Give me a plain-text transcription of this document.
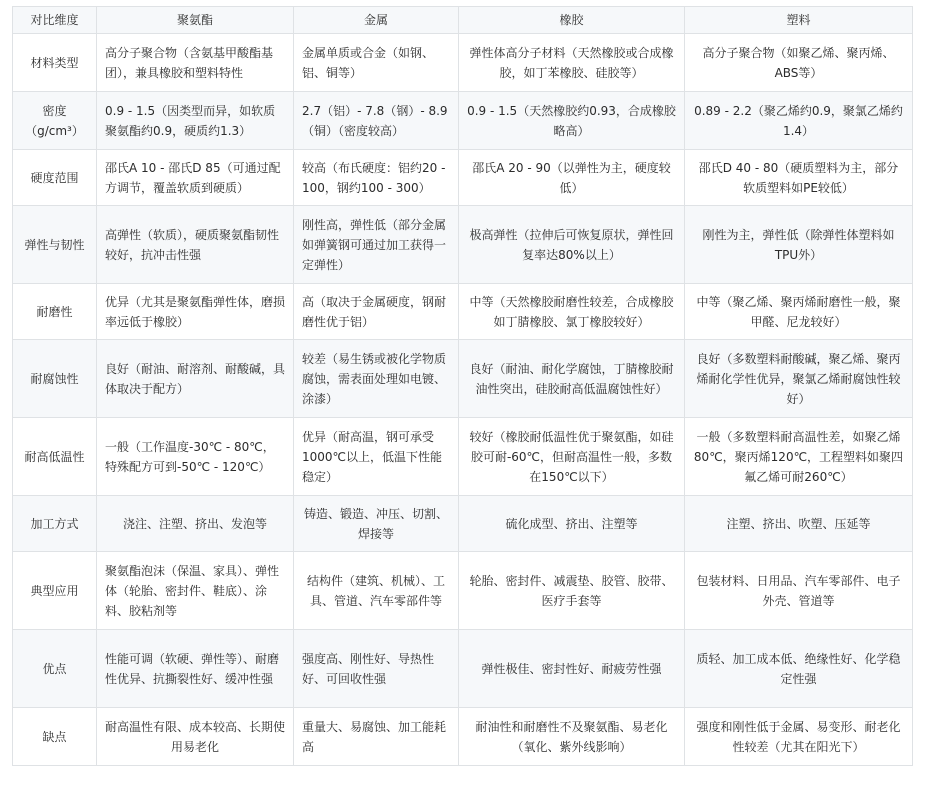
对比维度	聚氨酯	金属	橡胶	塑料
材料类型	高分子聚合物（含氨基甲酸酯基团），兼具橡胶和塑料特性	金属单质或合金（如钢、铝、铜等）	弹性体高分子材料（天然橡胶或合成橡胶，如丁苯橡胶、硅胶等）	高分子聚合物（如聚乙烯、聚丙烯、ABS等）
密度（g/cm³）	0.9 - 1.5（因类型而异，如软质聚氨酯约0.9，硬质约1.3）	2.7（铝）- 7.8（钢）- 8.9（铜）（密度较高）	0.9 - 1.5（天然橡胶约0.93，合成橡胶略高）	0.89 - 2.2（聚乙烯约0.9，聚氯乙烯约1.4）
硬度范围	邵氏A 10 - 邵氏D 85（可通过配方调节，覆盖软质到硬质）	较高（布氏硬度：铝约20 - 100，钢约100 - 300）	邵氏A 20 - 90（以弹性为主，硬度较低）	邵氏D 40 - 80（硬质塑料为主，部分软质塑料如PE较低）
弹性与韧性	高弹性（软质），硬质聚氨酯韧性较好，抗冲击性强	刚性高，弹性低（部分金属如弹簧钢可通过加工获得一定弹性）	极高弹性（拉伸后可恢复原状，弹性回复率达80%以上）	刚性为主，弹性低（除弹性体塑料如TPU外）
耐磨性	优异（尤其是聚氨酯弹性体，磨损率远低于橡胶）	高（取决于金属硬度，钢耐磨性优于铝）	中等（天然橡胶耐磨性较差，合成橡胶如丁腈橡胶、氯丁橡胶较好）	中等（聚乙烯、聚丙烯耐磨性一般，聚甲醛、尼龙较好）
耐腐蚀性	良好（耐油、耐溶剂、耐酸碱，具体取决于配方）	较差（易生锈或被化学物质腐蚀，需表面处理如电镀、涂漆）	良好（耐油、耐化学腐蚀，丁腈橡胶耐油性突出，硅胶耐高低温腐蚀性好）	良好（多数塑料耐酸碱，聚乙烯、聚丙烯耐化学性优异，聚氯乙烯耐腐蚀性较好）
耐高低温性	一般（工作温度-30℃ - 80℃，特殊配方可到-50℃ - 120℃）	优异（耐高温，钢可承受1000℃以上，低温下性能稳定）	较好（橡胶耐低温性优于聚氨酯，如硅胶可耐-60℃，但耐高温性一般，多数在150℃以下）	一般（多数塑料耐高温性差，如聚乙烯80℃，聚丙烯120℃，工程塑料如聚四氟乙烯可耐260℃）
加工方式	浇注、注塑、挤出、发泡等	铸造、锻造、冲压、切割、焊接等	硫化成型、挤出、注塑等	注塑、挤出、吹塑、压延等
典型应用	聚氨酯泡沫（保温、家具）、弹性体（轮胎、密封件、鞋底）、涂料、胶粘剂等	结构件（建筑、机械）、工具、管道、汽车零部件等	轮胎、密封件、减震垫、胶管、胶带、医疗手套等	包装材料、日用品、汽车零部件、电子外壳、管道等
优点	性能可调（软硬、弹性等）、耐磨性优异、抗撕裂性好、缓冲性强	强度高、刚性好、导热性好、可回收性强	弹性极佳、密封性好、耐疲劳性强	质轻、加工成本低、绝缘性好、化学稳定性强
缺点	耐高温性有限、成本较高、长期使用易老化	重量大、易腐蚀、加工能耗高	耐油性和耐磨性不及聚氨酯、易老化（氧化、紫外线影响）	强度和刚性低于金属、易变形、耐老化性较差（尤其在阳光下）
